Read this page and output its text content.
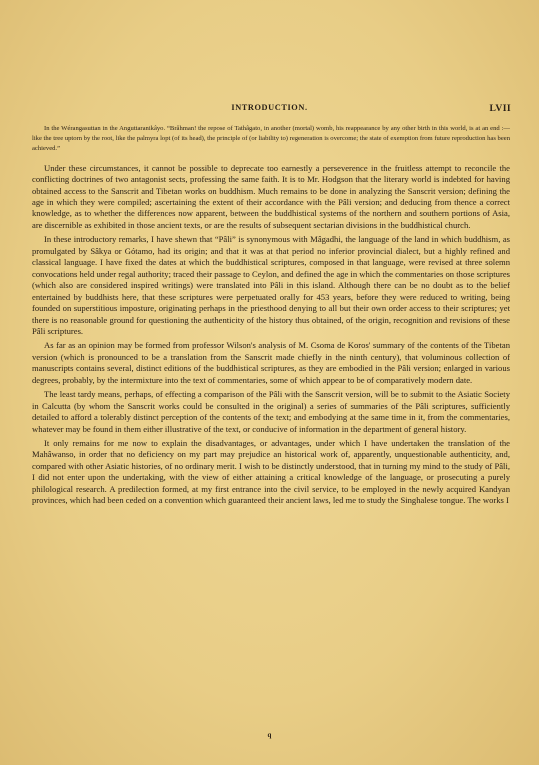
INTRODUCTION.	LVII

In the Wérangasuttan in the Anguttaranikâyo. “Brâhman! the repose of Tathâgato, in another (mortal) womb, his reappearance by any other birth in this world, is at an end :—like the tree uptorn by the root, like the palmyra lopt (of its head), the principle of (or liability to) regeneration is overcome; the state of exemption from future reproduction has been achieved.”

Under these circumstances, it cannot be possible to deprecate too earnestly a perseverence in the fruitless attempt to reconcile the conflicting doctrines of two antagonist sects, professing the same faith. It is to Mr. Hodgson that the literary world is indebted for having obtained access to the Sanscrit and Tibetan works on buddhism. Much remains to be done in analyzing the Sanscrit version; defining the age in which they were compiled; ascertaining the extent of their accordance with the Pâli version; and deducing from thence a correct knowledge, as to whether the differences now apparent, between the buddhistical systems of the northern and southern portions of Asia, are discernible as exhibited in those ancient texts, or are the results of subsequent sectarian divisions in the buddhistical church.

In these introductory remarks, I have shewn that “Pâli” is synonymous with Mâgadhi, the language of the land in which buddhism, as promulgated by Sâkya or Gótamo, had its origin; and that it was at that period no inferior provincial dialect, but a highly refined and classical language. I have fixed the dates at which the buddhistical scriptures, composed in that language, were revised at three solemn convocations held under regal authority; traced their passage to Ceylon, and defined the age in which the commentaries on those scriptures (which also are considered inspired writings) were translated into Pâli in this island. Although there can be no doubt as to the belief entertained by buddhists here, that these scriptures were perpetuated orally for 453 years, before they were reduced to writing, being founded on superstitious imposture, originating perhaps in the priesthood denying to all but their own order access to their scriptures; yet there is no reasonable ground for questioning the authenticity of the history thus obtained, of the origin, recognition and revisions of these Pâli scriptures.

As far as an opinion may be formed from professor Wilson's analysis of M. Csoma de Koros' summary of the contents of the Tibetan version (which is pronounced to be a translation from the Sanscrit made chiefly in the ninth century), that voluminous collection of manuscripts contains several, distinct editions of the buddhistical scriptures, as they are embodied in the Pâli version; enlarged in various degrees, probably, by the intermixture into the text of commentaries, some of which appear to be of comparatively modern date.

The least tardy means, perhaps, of effecting a comparison of the Pâli with the Sanscrit version, will be to submit to the Asiatic Society in Calcutta (by whom the Sanscrit works could be consulted in the original) a series of summaries of the Pâli scriptures, sufficiently detailed to afford a tolerably distinct perception of the contents of the text; and embodying at the same time in it, from the commentaries, whatever may be found in them either illustrative of the text, or conducive of information in the department of general history.

It only remains for me now to explain the disadvantages, or advantages, under which I have undertaken the translation of the Mahâwanso, in order that no deficiency on my part may prejudice an historical work of, apparently, unquestionable authenticity, and, compared with other Asiatic histories, of no ordinary merit. I wish to be distinctly understood, that in turning my mind to the study of Pâli, I did not enter upon the undertaking, with the view of either attaining a critical knowledge of the language, or prosecuting a purely philological research. A predilection formed, at my first entrance into the civil service, to be employed in the newly acquired Kandyan provinces, which had been ceded on a convention which guaranteed their ancient laws, led me to study the Singhalese tongue. The works I

q
